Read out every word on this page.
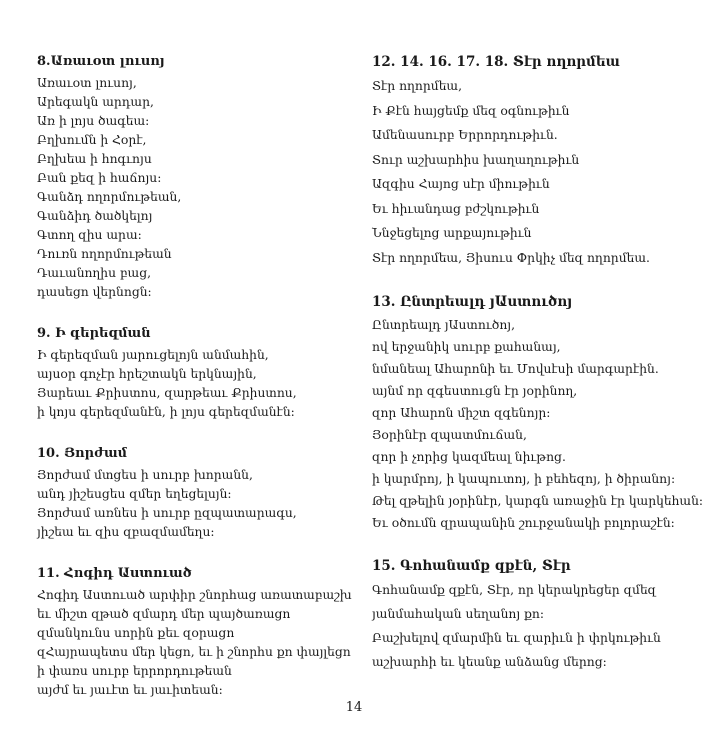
8.Առաւօտ լուսոյ
Առաւօտ լուսոյ,
Արեգակն արդար,
Առ ի լոյս ծագեա:
Բղխումն ի Հօրէ,
Բղխեա ի հոգւոյս
Բան քեզ ի հաճոյս:
Գանձդ ողորմութեան,
Գանձիդ ծածկելոյ
Գտող զիս արա:
Դուռն ողորմութեան
Դաւանողիս բաց,
դասեցո վերնոցն:
9. Ի գերեզման
Ի գերեզման յարուցելոյն անմահին,
այսօր գոչէր հրեշտակն երկնային,
Յարեաւ Քրիստոս, զարթեաւ Քրիստոս,
ի կոյս գերեզմանէն, ի լոյս գերեզմանէն:
10. Յորժամ
Յորժամ մտցես ի սուրբ խորանն,
անդ յիշեսցես զմեր եղեցելսյն:
Յորժամ առնես ի սուրբ ըզպատարագս,
յիշեա եւ զիս զբազմամեղս:
11. Հոգիդ Աստուած
Հոգիդ Աստուած արփիր շնորհաց առատաբաշխ
եւ միշտ զթած զմարդ մեր պայծառացո
զմանկունս սորին քեւ զօրացո
զՀայրապետս մեր կեցո, եւ ի շնորհս քո փայլեցո
ի փառս սուրբ երրորդութեան
այժմ եւ յաւէտ եւ յաւիտեան:
12. 14. 16. 17. 18. Տէր ողորմեա
Տէր ողորմեա,
Ի Քէն հայցեմք մեզ օգնութիւն
Ամենասուրբ Երրորդութիւն.
Տուր աշխարհիս խաղաղութիւն
Ազգիս Հայոց սէր միութիւն
Եւ հիւանդաց բժշկութիւն
Ննջեցելոց արքայութիւն
Տէր ողորմեա, Յիսուս Փրկիչ մեզ ողորմեա.
13. Ընտրեալդ յԱստուծոյ
Ընտրեալդ յԱստուծոյ,
ով երջանիկ սուրբ քահանայ,
նմանեալ Ահարոնի եւ Մովսէսի մարգարէին.
այնմ որ զգեստուցն էր յօրինող,
զոր Ահարոն միշտ զգենոյր:
Յօրինէր զպատմուճան,
զոր ի չորից կազմեալ նիւթոց.
ի կարմրոյ, ի կապուտոյ, ի բեհեզոյ, ի ծիրանոյ:
Թել զթելին յօրինէր, կարգն առաջին էր կարկեհան:
Եւ օծումն զրապանին շուրջանակի բոլորաշէն:
15. Գոհանամք զքէն, Տէր
Գոհանամք զքէն, Տէր, որ կերակրեցեր զմեզ
յանմահական սեղանոյ քո:
Բաշխելով զմարմին եւ զարիւն ի փրկութիւն
աշխարհի եւ կեանք անձանց մերոց:
14
